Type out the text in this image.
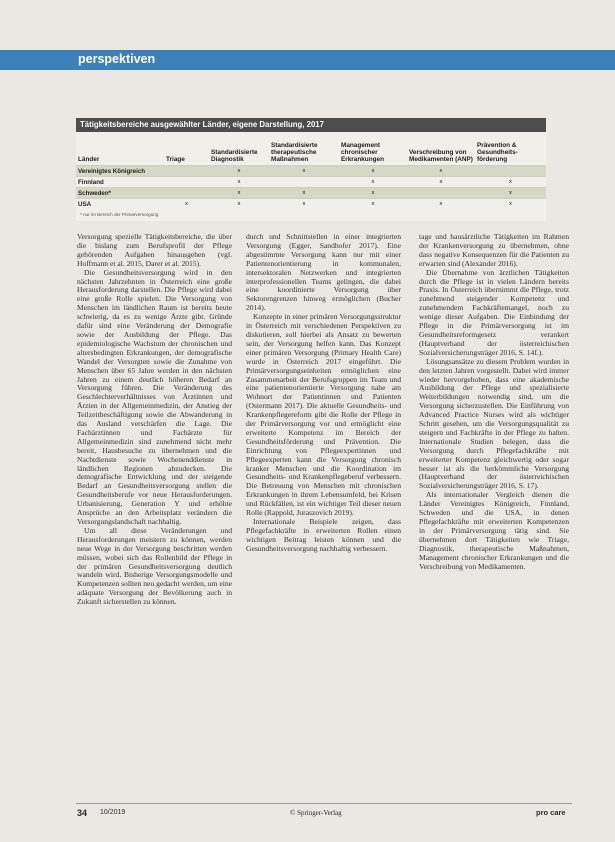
perspektiven
Tätigkeitsbereiche ausgewählter Länder, eigene Darstellung, 2017
Länder	Triage	Standardisierte Diagnostik	Standardisierte therapeutische Maßnahmen	Management chronischer Erkrankungen	Verschreibung von Medikamenten (ANP)	Prävention & Gesundheits-förderung
Vereinigtes Königreich		x	x	x	x	
Finnland		x		x	x	x
Schweden*		x	x	x		x
USA	x	x	x	x	x	x
* nur im Bereich der Primärversorgung

Versorgung spezielle Tätigkeitsbereiche, die über die bislang zum Berufsprofil der Pflege gehörenden Aufgaben hinausgehen (vgl. Hoffmann et al. 2015, Darer et al. 2015).

Die Gesundheitsversorgung wird in den nächsten Jahrzehnten in Österreich eine große Herausforderung darstellen. Die Pflege wird dabei eine große Rolle spielen. Die Versorgung von Menschen im ländlichen Raum ist bereits heute schwierig, da es zu wenige Ärzte gibt. Gründe dafür sind eine Veränderung der Demografie sowie der Ausbildung der Pflege. Das epidemiologische Wachstum der chronischen und altersbedingten Erkrankungen, der demografische Wandel der Versorgten sowie die Zunahme von Menschen über 65 Jahre werden in den nächsten Jahren zu einem deutlich höheren Bedarf an Versorgung führen. Die Veränderung des Geschlechterverhältnisses von Ärztinnen und Ärzten in der Allgemeinmedizin, der Anstieg der Teilzeitbeschäftigung sowie die Abwanderung in das Ausland verschärfen die Lage. Die Fachärztinnen und Fachärzte für Allgemeinmedizin sind zunehmend nicht mehr bereit, Hausbesuche zu übernehmen und die Nachtdienste sowie Wochenenddienste in ländlichen Regionen abzudecken. Die demografische Entwicklung und der steigende Bedarf an Gesundheitsversorgung stellen die Gesundheitsberufe vor neue Herausforderungen. Urbanisierung, Generation Y und erhöhte Ansprüche an den Arbeitsplatz verändern die Versorgungslandschaft nachhaltig.

Um all diese Veränderungen und Herausforderungen meistern zu können, werden neue Wege in der Versorgung beschritten werden müssen, wobei sich das Rollenbild der Pflege in der primären Gesundheitsversorgung deutlich wandeln wird. Bisherige Versorgungsmodelle und Kompetenzen sollten neu gedacht werden, um eine adäquate Versorgung der Bevölkerung auch in Zukunft sicherstellen zu können.

durch und Schnittstellen in einer integrierten Versorgung (Egger, Sandhofer 2017). Eine abgestimmte Versorgung kann nur mit einer Patientenorientierung in kommunalen, intersektoralen Netzwerken und integrierten interprofessionellen Teams gelingen, die dabei eine koordinierte Versorgung über Sektorengrenzen hinweg ermöglichen (Bucher 2014).

Konzepte in einer primären Versorgungsstruktur in Österreich mit verschiedenen Perspektiven zu diskutieren, soll hierbei als Ansatz zu bewerten sein, der Versorgung helfen kann. Das Konzept einer primären Versorgung (Primary Health Care) wurde in Österreich 2017 eingeführt. Die Primärversorgungseinheiten ermöglichen eine Zusammenarbeit der Berufsgruppen im Team und eine patientenorientierte Versorgung nahe am Wohnort der Patientinnen und Patienten (Ostermann 2017). Die aktuelle Gesundheits- und Krankenpflegereform gibt die Rolle der Pflege in der Primärversorgung vor und ermöglicht eine erweiterte Kompetenz im Bereich der Gesundheitsförderung und Prävention. Die Einrichtung von Pflegeexpertinnen und Pflegeexperten kann die Versorgung chronisch kranker Menschen und die Koordination im Gesundheits- und Krankenpflegeberuf verbessern. Die Betreuung von Menschen mit chronischen Erkrankungen in ihrem Lebensumfeld, bei Krisen und Rückfällen, ist ein wichtiger Teil dieser neuen Rolle (Rappold, Juraszovich 2019).

Internationale Beispiele zeigen, dass Pflegefachkräfte in erweiterten Rollen einen wichtigen Beitrag leisten können und die Gesundheitsversorgung nachhaltig verbessern.

tage und hausärztliche Tätigkeiten im Rahmen der Krankenversorgung zu übernehmen, ohne dass negative Konsequenzen für die Patienten zu erwarten sind (Alexander 2016).

Die Übernahme von ärztlichen Tätigkeiten durch die Pflege ist in vielen Ländern bereits Praxis. In Österreich übernimmt die Pflege, trotz zunehmend steigender Kompetenz und zunehmendem Fachkräftemangel, noch zu wenige dieser Aufgaben. Die Einbindung der Pflege in die Primärversorgung ist im Gesundheitsreformgesetz verankert (Hauptverband der österreichischen Sozialversicherungsträger 2016, S. 14f.).

Lösungsansätze zu diesem Problem wurden in den letzten Jahren vorgestellt. Dabei wird immer wieder hervorgehoben, dass eine akademische Ausbildung der Pflege und spezialisierte Weiterbildungen notwendig sind, um die Versorgung sicherzustellen. Die Einführung von Advanced Practice Nurses wird als wichtiger Schritt gesehen, um die Versorgungsqualität zu steigern und Fachkräfte in der Pflege zu halten. Internationale Studien belegen, dass die Versorgung durch Pflegefachkräfte mit erweiterter Kompetenz gleichwertig oder sogar besser ist als die herkömmliche Versorgung (Hauptverband der österreichischen Sozialversicherungsträger 2016, S. 17).

Als internationaler Vergleich dienen die Länder Vereinigtes Königreich, Finnland, Schweden und die USA, in denen Pflegefachkräfte mit erweiterten Kompetenzen in der Primärversorgung tätig sind. Sie übernehmen dort Tätigkeiten wie Triage, Diagnostik, therapeutische Maßnahmen, Management chronischer Erkrankungen und die Verschreibung von Medikamenten.

34 10/2019	© Springer-Verlag	pro care
